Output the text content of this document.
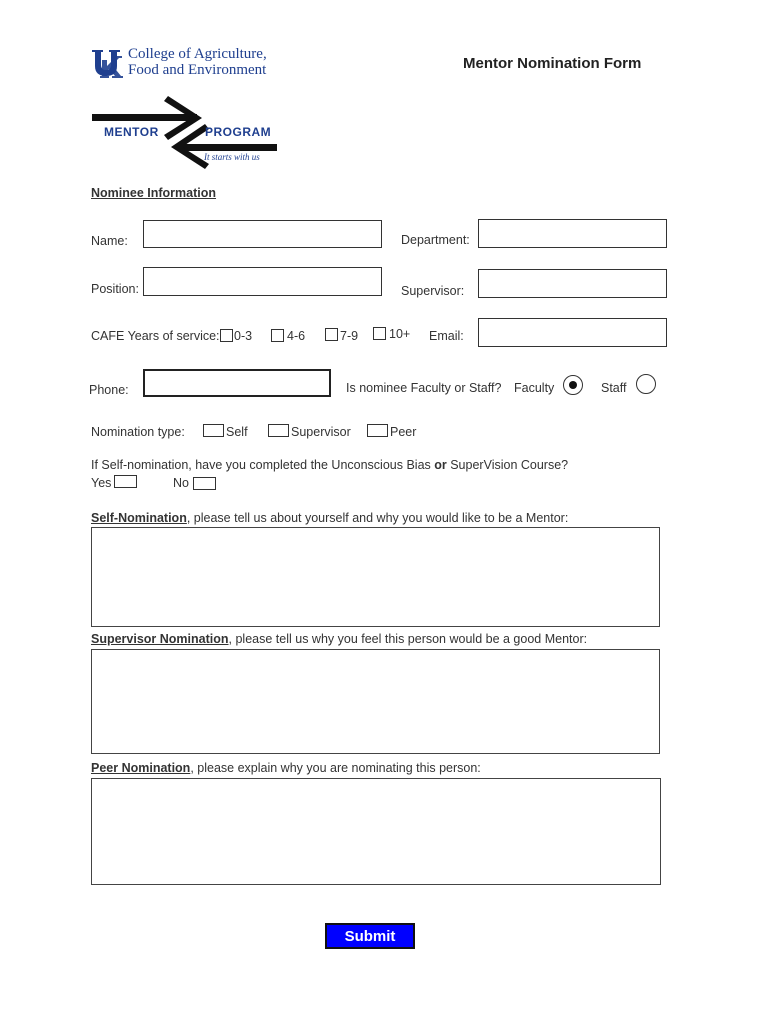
College of Agriculture,
Food and Environment	Mentor Nomination Form
MENTOR	PROGRAM
It starts with us
Nominee Information
Name:	Department:
Position:	Supervisor:
CAFE Years of service: 0-3	4-6	7-9 10+ Email:
Phone:	Is nominee Faculty or Staff? Faculty	Staff
Nomination type:	Self	Supervisor	Peer
If Self-nomination, have you completed the Unconscious Bias or SuperVision Course?
Yes	No
Self-Nomination, please tell us about yourself and why you would like to be a Mentor:
Supervisor Nomination, please tell us why you feel this person would be a good Mentor:
Peer Nomination, please explain why you are nominating this person:
Submit
